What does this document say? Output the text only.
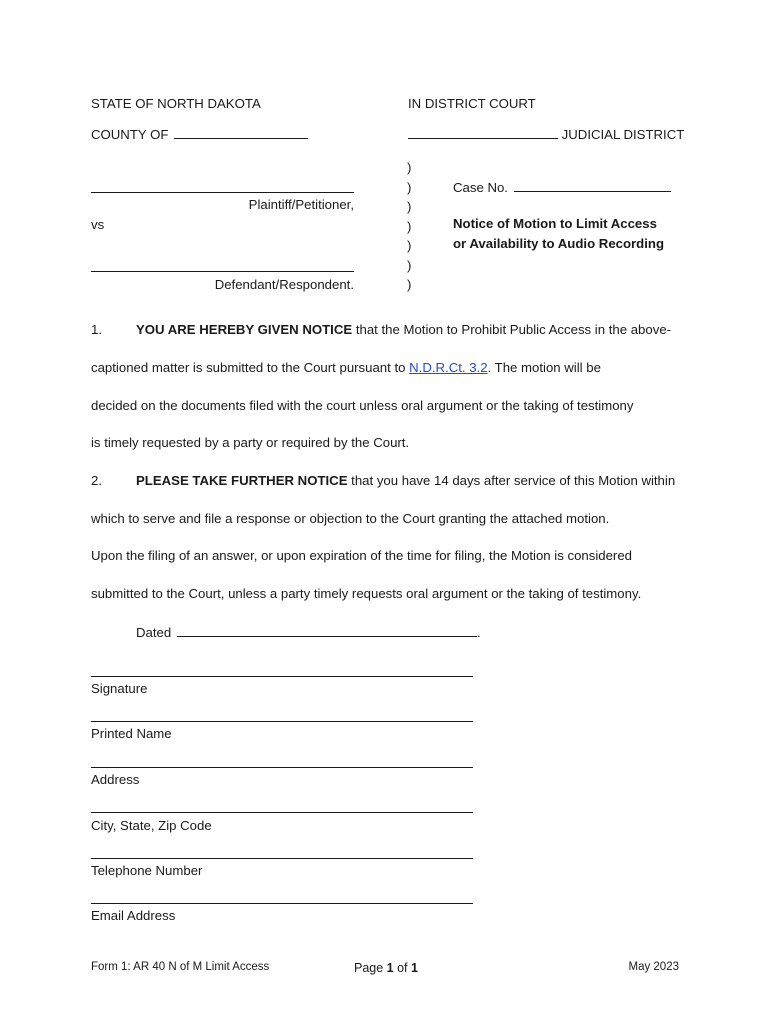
STATE OF NORTH DAKOTA	IN DISTRICT COURT
COUNTY OF	JUDICIAL DISTRICT
)
)
)
)
)
)
)
Plaintiff/Petitioner,
vs
Defendant/Respondent.
Case No.
Notice of Motion to Limit Access
or Availability to Audio Recording
1.	YOU ARE HEREBY GIVEN NOTICE that the Motion to Prohibit Public Access in the above-
captioned matter is submitted to the Court pursuant to N.D.R.Ct. 3.2. The motion will be
decided on the documents filed with the court unless oral argument or the taking of testimony
is timely requested by a party or required by the Court.
2.	PLEASE TAKE FURTHER NOTICE that you have 14 days after service of this Motion within
which to serve and file a response or objection to the Court granting the attached motion.
Upon the filing of an answer, or upon expiration of the time for filing, the Motion is considered
submitted to the Court, unless a party timely requests oral argument or the taking of testimony.
Dated	.
Signature
Printed Name
Address
City, State, Zip Code
Telephone Number
Email Address
Form 1: AR 40 N of M Limit Access	Page 1 of 1	May 2023
